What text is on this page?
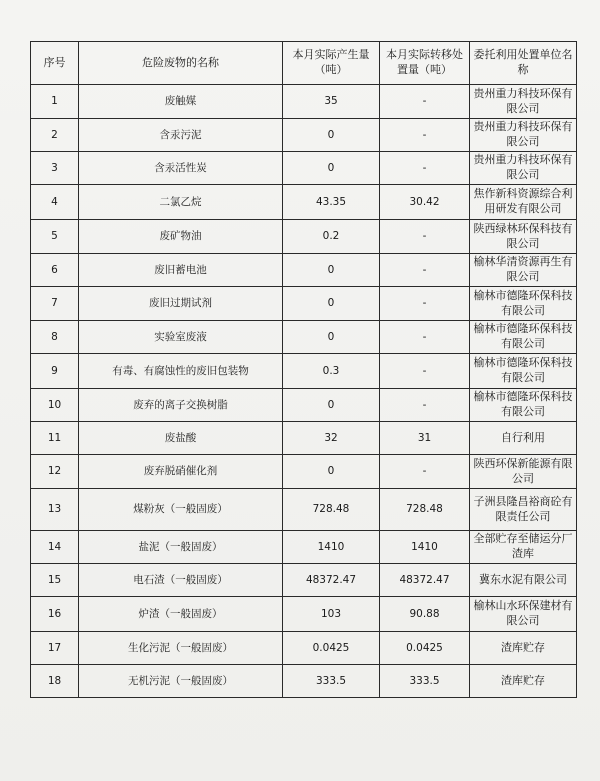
序号	危险废物的名称	本月实际产生量（吨）	本月实际转移处置量（吨）	委托利用处置单位名称
1	废触媒	35	-	贵州重力科技环保有限公司
2	含汞污泥	0	-	贵州重力科技环保有限公司
3	含汞活性炭	0	-	贵州重力科技环保有限公司
4	二氯乙烷	43.35	30.42	焦作新科资源综合利用研发有限公司
5	废矿物油	0.2	-	陕西绿林环保科技有限公司
6	废旧蓄电池	0	-	榆林华清资源再生有限公司
7	废旧过期试剂	0	-	榆林市德隆环保科技有限公司
8	实验室废液	0	-	榆林市德隆环保科技有限公司
9	有毒、有腐蚀性的废旧包装物	0.3	-	榆林市德隆环保科技有限公司
10	废弃的离子交换树脂	0	-	榆林市德隆环保科技有限公司
11	废盐酸	32	31	自行利用
12	废弃脱硝催化剂	0	-	陕西环保新能源有限公司
13	煤粉灰（一般固废）	728.48	728.48	子洲县隆昌裕商砼有限责任公司
14	盐泥（一般固废）	1410	1410	全部贮存至储运分厂渣库
15	电石渣（一般固废）	48372.47	48372.47	冀东水泥有限公司
16	炉渣（一般固废）	103	90.88	榆林山水环保建材有限公司
17	生化污泥（一般固废）	0.0425	0.0425	渣库贮存
18	无机污泥（一般固废）	333.5	333.5	渣库贮存
